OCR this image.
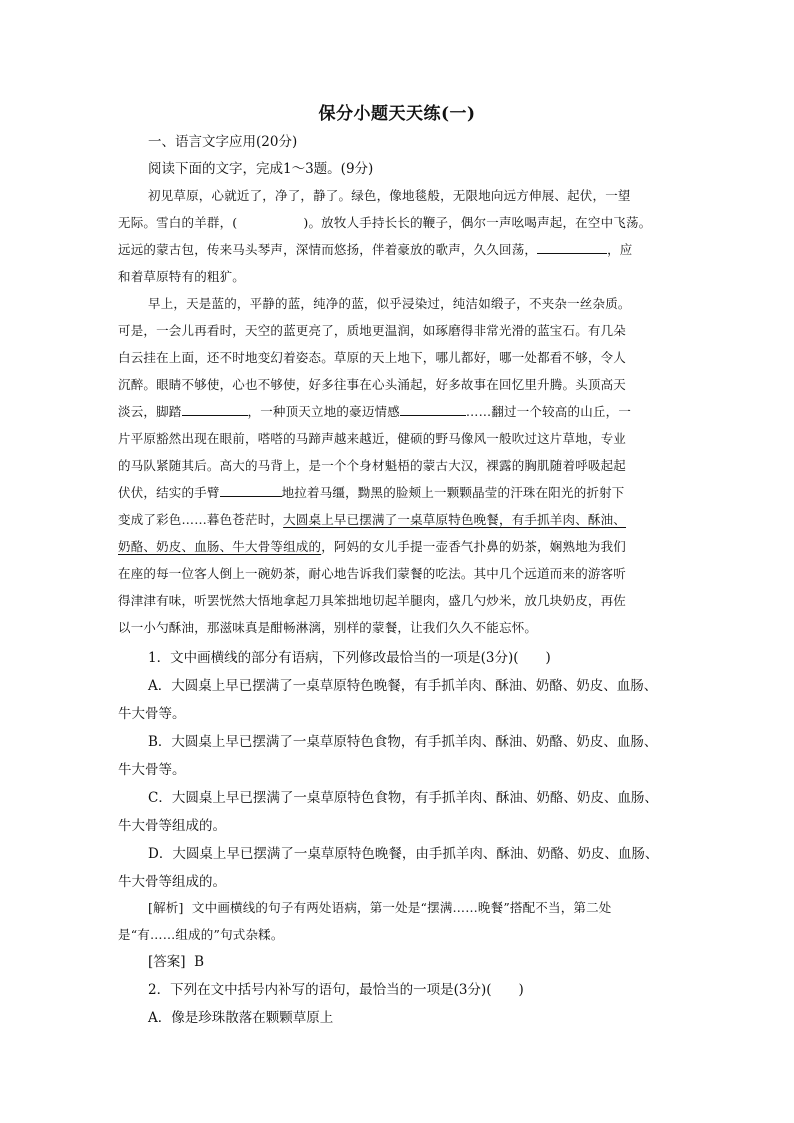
保分小题天天练(一)
一、语言文字应用(20分)
阅读下面的文字，完成1～3题。(9分)
初见草原，心就近了，净了，静了。绿色，像地毯般，无限地向远方伸展、起伏，一望
无际。雪白的羊群，(	)。放牧人手持长长的鞭子，偶尔一声吆喝声起，在空中飞荡。
远远的蒙古包，传来马头琴声，深情而悠扬，伴着豪放的歌声，久久回荡，	，应
和着草原特有的粗犷。
早上，天是蓝的，平静的蓝，纯净的蓝，似乎浸染过，纯洁如缎子，不夹杂一丝杂质。
可是，一会儿再看时，天空的蓝更亮了，质地更温润，如琢磨得非常光滑的蓝宝石。有几朵
白云挂在上面，还不时地变幻着姿态。草原的天上地下，哪儿都好，哪一处都看不够，令人
沉醉。眼睛不够使，心也不够使，好多往事在心头涌起，好多故事在回忆里升腾。头顶高天
淡云，脚踏	，一种顶天立地的豪迈情感	……翻过一个较高的山丘，一
片平原豁然出现在眼前，嗒嗒的马蹄声越来越近，健硕的野马像风一般吹过这片草地，专业
的马队紧随其后。高大的马背上，是一个个身材魁梧的蒙古大汉，裸露的胸肌随着呼吸起起
伏伏，结实的手臂	地拉着马缰，黝黑的脸颊上一颗颗晶莹的汗珠在阳光的折射下
变成了彩色……暮色苍茫时，大圆桌上早已摆满了一桌草原特色晚餐，有手抓羊肉、酥油、
奶酪、奶皮、血肠、牛大骨等组成的，阿妈的女儿手提一壶香气扑鼻的奶茶，娴熟地为我们
在座的每一位客人倒上一碗奶茶，耐心地告诉我们蒙餐的吃法。其中几个远道而来的游客听
得津津有味，听罢恍然大悟地拿起刀具笨拙地切起羊腿肉，盛几勺炒米，放几块奶皮，再佐
以一小勺酥油，那滋味真是酣畅淋漓，别样的蒙餐，让我们久久不能忘怀。
1．文中画横线的部分有语病，下列修改最恰当的一项是(3分)(　　)
A．大圆桌上早已摆满了一桌草原特色晚餐，有手抓羊肉、酥油、奶酪、奶皮、血肠、
牛大骨等。
B．大圆桌上早已摆满了一桌草原特色食物，有手抓羊肉、酥油、奶酪、奶皮、血肠、
牛大骨等。
C．大圆桌上早已摆满了一桌草原特色食物，有手抓羊肉、酥油、奶酪、奶皮、血肠、
牛大骨等组成的。
D．大圆桌上早已摆满了一桌草原特色晚餐，由手抓羊肉、酥油、奶酪、奶皮、血肠、
牛大骨等组成的。
[解析] 文中画横线的句子有两处语病，第一处是“摆满……晚餐”搭配不当，第二处
是“有……组成的”句式杂糅。
[答案] B
2．下列在文中括号内补写的语句，最恰当的一项是(3分)(　　)
A．像是珍珠散落在颗颗草原上
